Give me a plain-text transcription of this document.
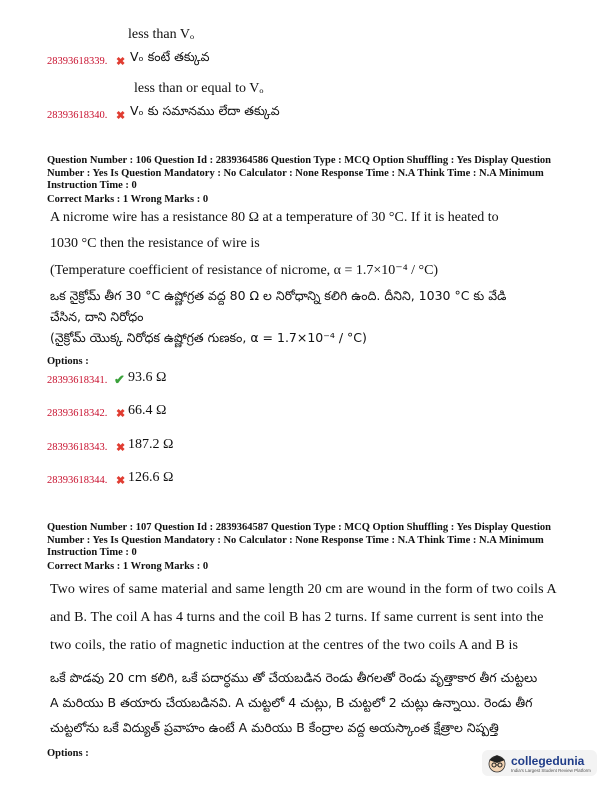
less than Vₒ
28393618339. ✖ Vₒ కంటే తక్కువ
less than or equal to Vₒ
28393618340. ✖ Vₒ కు సమానము లేదా తక్కువ
Question Number : 106 Question Id : 2839364586 Question Type : MCQ Option Shuffling : Yes Display Question Number : Yes Is Question Mandatory : No Calculator : None Response Time : N.A Think Time : N.A Minimum Instruction Time : 0
Correct Marks : 1 Wrong Marks : 0
A nicrome wire has a resistance 80 Ω at a temperature of 30 °C. If it is heated to
1030 °C then the resistance of wire is
(Temperature coefficient of resistance of nicrome, α = 1.7×10⁻⁴ / °C)
ఒక నైక్రోమ్ తీగ 30 °C ఉష్ణోగ్రత వద్ద 80 Ω ల నిరోధాన్ని కలిగి ఉంది. దీనిని, 1030 °C కు వేడి
చేసిన, దాని నిరోధం
(నైక్రోమ్ యొక్క నిరోధక ఉష్ణోగ్రత గుణకం, α = 1.7×10⁻⁴ / °C)
Options :
28393618341. ✔ 93.6 Ω
28393618342. ✖ 66.4 Ω
28393618343. ✖ 187.2 Ω
28393618344. ✖ 126.6 Ω
Question Number : 107 Question Id : 2839364587 Question Type : MCQ Option Shuffling : Yes Display Question Number : Yes Is Question Mandatory : No Calculator : None Response Time : N.A Think Time : N.A Minimum Instruction Time : 0
Correct Marks : 1 Wrong Marks : 0
Two wires of same material and same length 20 cm are wound in the form of two coils A
and B. The coil A has 4 turns and the coil B has 2 turns. If same current is sent into the
two coils, the ratio of magnetic induction at the centres of the two coils A and B is
ఒకే పొడవు 20 cm కలిగి, ఒకే పదార్ధము తో చేయబడిన రెండు తీగలతో రెండు వృత్తాకార తీగ చుట్టలు
A మరియు B తయారు చేయబడినవి. A చుట్టలో 4 చుట్లు, B చుట్టలో 2 చుట్లు ఉన్నాయి. రెండు తీగ
చుట్టలోను ఒకే విద్యుత్ ప్రవాహం ఉంటే A మరియు B కేంద్రాల వద్ద అయస్కాంత క్షేత్రాల నిష్పత్తి
Options :	collegedunia
India's Largest Student Review Platform
